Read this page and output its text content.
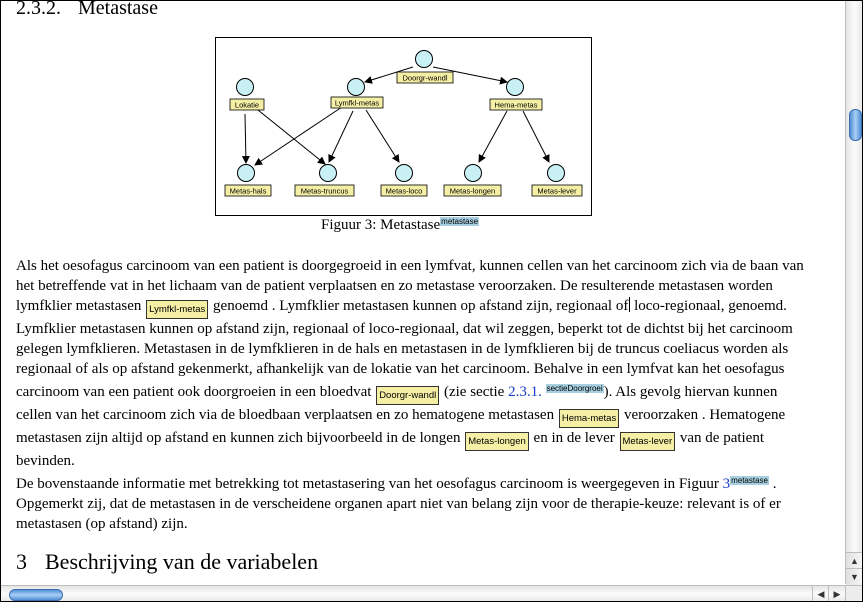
2.3.2. Metastase
Doorgr-wandl
Lokatie	Lymfkl-metas	Hema-metas
Metas-hals	Metas-truncus	Metas-loco	Metas-longen	Metas-lever
Figuur 3: Metastase$^{metastase}$

Als het oesofagus carcinoom van een patient is doorgegroeid in een lymfvat, kunnen cellen van het carcinoom zich via de baan van het betreffende vat in het lichaam van de patient verplaatsen en zo metastase veroorzaken. De resulterende metastasen worden lymfklier metastasen Lymfkl-metas genoemd . Lymfklier metastasen kunnen op afstand zijn, regionaal of loco-regionaal, genoemd. Lymfklier metastasen kunnen op afstand zijn, regionaal of loco-regionaal, dat wil zeggen, beperkt tot de dichtst bij het carcinoom gelegen lymfklieren. Metastasen in de lymfklieren in de hals en metastasen in de lymfklieren bij de truncus coeliacus worden als regionaal of als op afstand gekenmerkt, afhankelijk van de lokatie van het carcinoom. Behalve in een lymfvat kan het oesofagus carcinoom van een patient ook doorgroeien in een bloedvat Doorgr-wandl (zie sectie 2.3.1. $^{sectieDoorgroei}$). Als gevolg hiervan kunnen cellen van het carcinoom zich via de bloedbaan verplaatsen en zo hematogene metastasen Hema-metas veroorzaken . Hematogene metastasen zijn altijd op afstand en kunnen zich bijvoorbeeld in de longen Metas-longen en in de lever Metas-lever van de patient bevinden.

De bovenstaande informatie met betrekking tot metastasering van het oesofagus carcinoom is weergegeven in Figuur $3^{metastase}$ . Opgemerkt zij, dat de metastasen in de verscheidene organen apart niet van belang zijn voor de therapie-keuze: relevant is of er metastasen (op afstand) zijn.

3 Beschrijving van de variabelen	▲
▼
◀	▶
